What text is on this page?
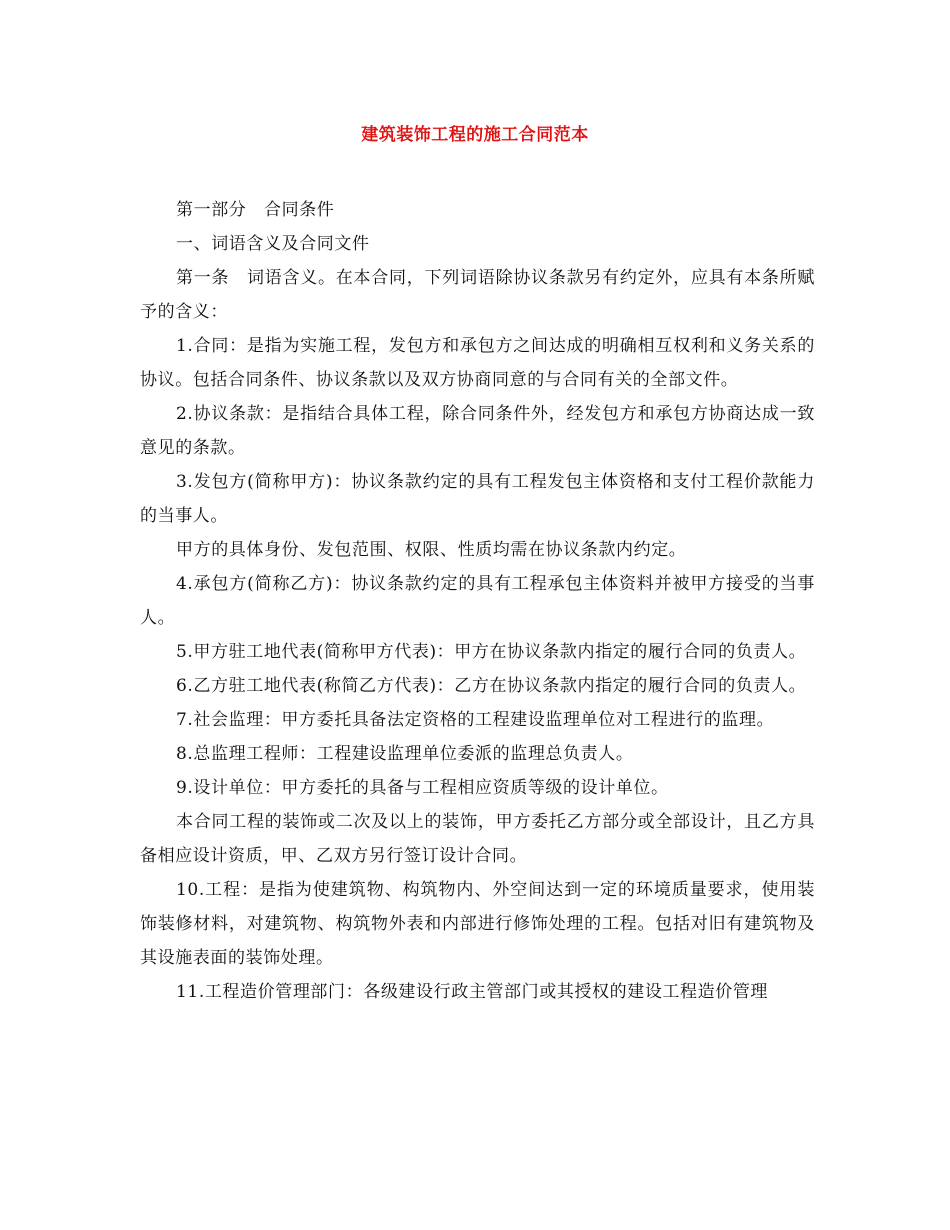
建筑装饰工程的施工合同范本

第一部分　合同条件

一、词语含义及合同文件

第一条　词语含义。在本合同，下列词语除协议条款另有约定外，应具有本条所赋予的含义：

1.合同：是指为实施工程，发包方和承包方之间达成的明确相互权利和义务关系的协议。包括合同条件、协议条款以及双方协商同意的与合同有关的全部文件。

2.协议条款：是指结合具体工程，除合同条件外，经发包方和承包方协商达成一致意见的条款。

3.发包方(简称甲方)：协议条款约定的具有工程发包主体资格和支付工程价款能力的当事人。

甲方的具体身份、发包范围、权限、性质均需在协议条款内约定。

4.承包方(简称乙方)：协议条款约定的具有工程承包主体资料并被甲方接受的当事人。

5.甲方驻工地代表(简称甲方代表)：甲方在协议条款内指定的履行合同的负责人。

6.乙方驻工地代表(称简乙方代表)：乙方在协议条款内指定的履行合同的负责人。

7.社会监理：甲方委托具备法定资格的工程建设监理单位对工程进行的监理。

8.总监理工程师：工程建设监理单位委派的监理总负责人。

9.设计单位：甲方委托的具备与工程相应资质等级的设计单位。

本合同工程的装饰或二次及以上的装饰，甲方委托乙方部分或全部设计，且乙方具备相应设计资质，甲、乙双方另行签订设计合同。

10.工程：是指为使建筑物、构筑物内、外空间达到一定的环境质量要求，使用装饰装修材料，对建筑物、构筑物外表和内部进行修饰处理的工程。包括对旧有建筑物及其设施表面的装饰处理。

11.工程造价管理部门：各级建设行政主管部门或其授权的建设工程造价管理
